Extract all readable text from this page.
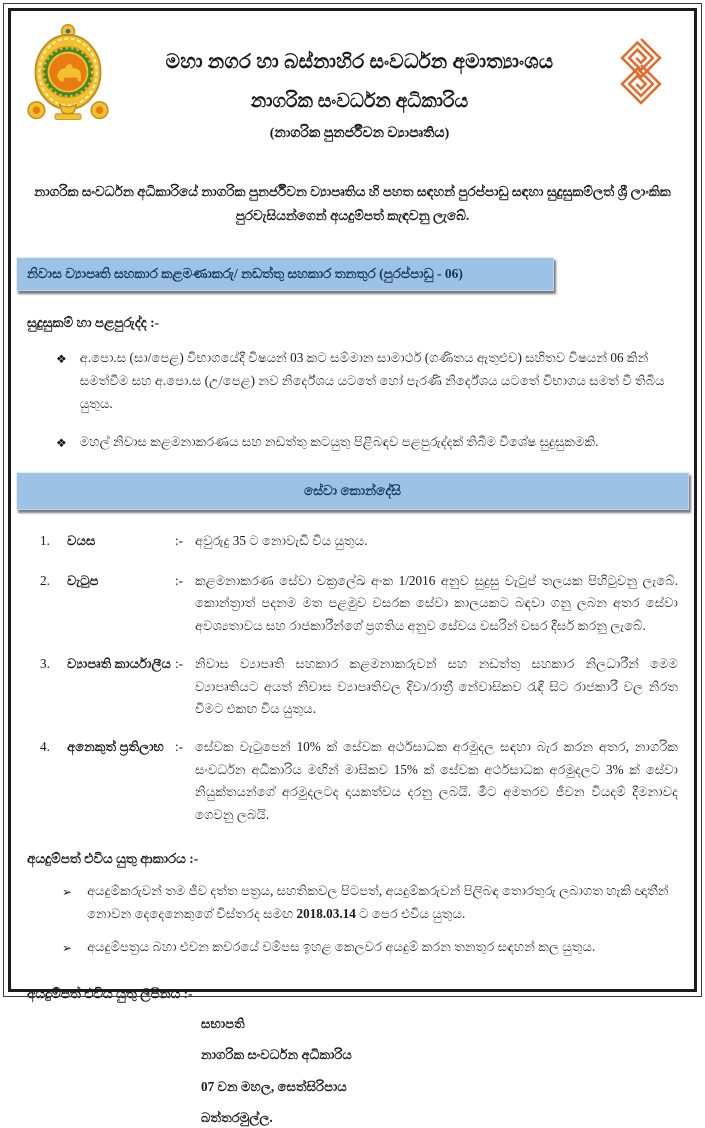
මහා නගර හා බස්නාහිර සංවර්ධන අමාත්‍යාංශය
නාගරික සංවර්ධන අධිකාරිය
(නාගරික පුනර්ජීවන ව්‍යාපෘතිය)

නාගරික සංවර්ධන අධිකාරියේ නාගරික පුනර්ජීවන ව්‍යාපෘතිය හි පහත සඳහන් පුරප්පාඩු සඳහා සුදුසුකම්ලත් ශ්‍රී ලාංකික පුරවැසියන්ගෙන් අයදුම්පත් කැඳවනු ලැබේ.

නිවාස ව්‍යාපෘති සහකාර කළමණාකරු/ නඩත්තු සහකාර තනතුර (පුරප්පාඩු - 06)
සුදුසුකම් හා පළපුරුද්ද :-
❖ අ.පො.ස (සා/පෙළ) විභාගයේදී විෂයන් 03 කට සම්මාන සාමාර්ථ (ගණිතය ඇතුළුව) සහිතව විෂයන් 06 කින් සමත්වීම සහ අ.පො.ස (උ/පෙළ) නව නිර්දේශය යටතේ හෝ පැරණි නිර්දේශය යටතේ විභාගය සමත් වී තිබිය යුතුය.
❖ මහල් නිවාස කළමනාකරණය සහ නඩත්තු කටයුතු පිළිබඳව පළපුරුද්දක් තිබීම විශේෂ සුදුසුකමකි.
සේවා කොන්දේසි
1.	වයස	:- අවුරුදු 35 ට නොවැඩි විය යුතුය.
2.	වැටුප	:- කළමනාකරණ සේවා චක්‍රලේඛ අංක 1/2016 අනුව සුදුසු වැටුප් තලයක පිහිටුවනු ලැබේ. කොන්ත්‍රාත් පදනම මත පළමුව වසරක සේවා කාලයකට බඳවා ගනු ලබන අතර සේවා අවශ්‍යතාවය සහ රාජකාරීන්ගේ ප්‍රගතිය අනුව සේවය වසරින් වසර දීර්ඝ කරනු ලැබේ.
3.	ව්‍යාපෘති කාර්යාලීය :- නිවාස ව්‍යාපෘති සහකාර කළමනාකරුවන් සහ නඩත්තු සහකාර නිලධාරීන් මෙම ව්‍යාපෘතියට අයත් නිවාස ව්‍යාපෘතිවල දිවා/රාත්‍රී නේවාසිකව රැඳී සිට රාජකාරී වල නිරත වීමට එකඟ විය යුතුය.
4.	අනෙකුත් ප්‍රතිලාභ :- සේවක වැටුපෙන් 10% ක් සේවක අර්ථසාධක අරමුදල සඳහා බැර කරන අතර, නාගරික සංවර්ධන අධිකාරිය මඟින් මාසිකව 15% ක් සේවක අර්ථසාධක අරමුදලට 3% ක් සේවා නියුක්තයන්ගේ අරමුදලටද දායකත්වය දරනු ලබයි. මීට අමතරව ජීවන වියදම් දීමනාවද ගෙවනු ලබයි.
අයදුම්පත් එවිය යුතු ආකාරය :-
➢ අයදුම්කරුවන් තම ජීව දත්ත පත්‍රය, සහතිකවල පිටපත්, අයදුම්කරුවන් පිලිබඳ තොරතුරු ලබාගත හැකි ඥාතීන් නොවන දෙදෙනෙකුගේ විස්තරද සමඟ 2018.03.14 ට පෙර එවිය යුතුය.
➢ අයදුම්පත්‍රය බහා එවන කවරයේ වම්පස ඉහළ කෙලවර අයදුම් කරන තනතුර සඳහන් කල යුතුය.
අයදුම්පත් එවිය යුතු ලිපිනය :-
සභාපති
නාගරික සංවර්ධන අධිකාරිය
07 වන මහල, සෙත්සිරිපාය
බත්තරමුල්ල.
